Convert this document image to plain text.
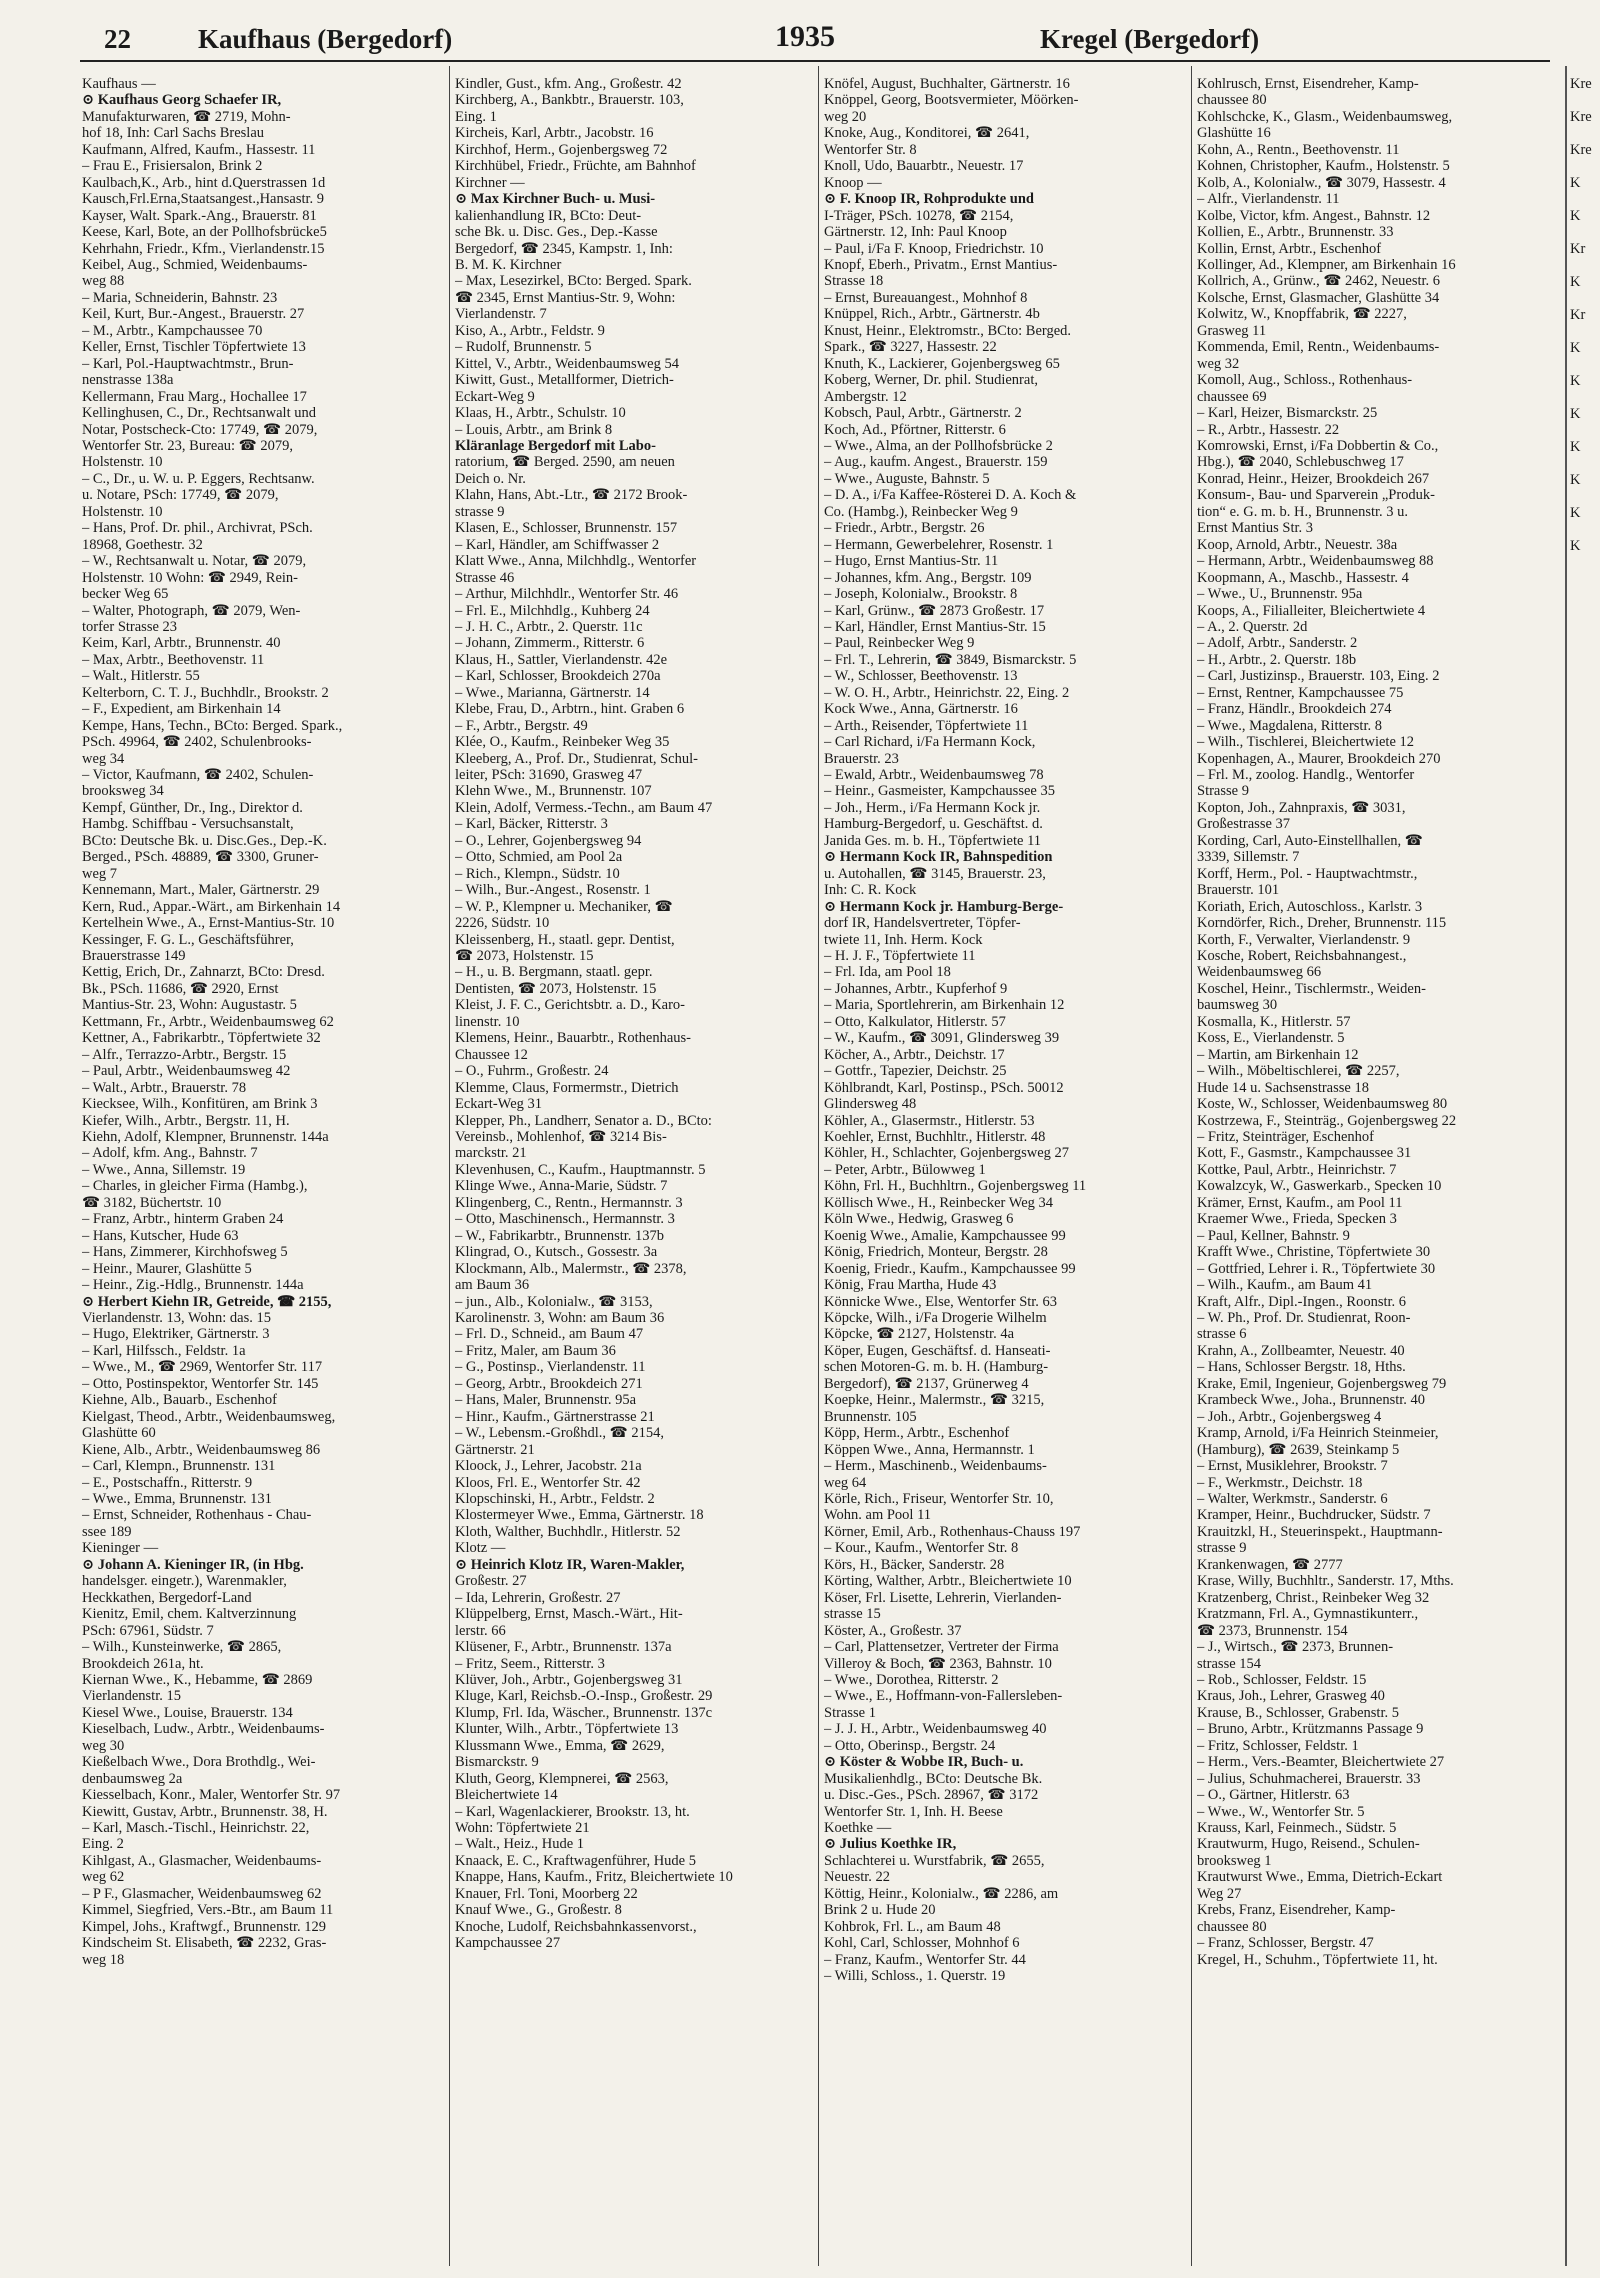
22 Kaufhaus (Bergedorf)	1935	Kregel (Bergedorf)
Kaufhaus —
⊙ Kaufhaus Georg Schaefer IR,
Manufakturwaren, ☎ 2719, Mohn-
hof 18, Inh: Carl Sachs Breslau
Kaufmann, Alfred, Kaufm., Hassestr. 11
– Frau E., Frisiersalon, Brink 2
Kaulbach,K., Arb., hint d.Querstrassen 1d
Kausch,Frl.Erna,Staatsangest.,Hansastr. 9
Kayser, Walt. Spark.-Ang., Brauerstr. 81
Keese, Karl, Bote, an der Pollhofsbrücke5
Kehrhahn, Friedr., Kfm., Vierlandenstr.15
Keibel, Aug., Schmied, Weidenbaums-
weg 88
– Maria, Schneiderin, Bahnstr. 23
Keil, Kurt, Bur.-Angest., Brauerstr. 27
– M., Arbtr., Kampchaussee 70
Keller, Ernst, Tischler Töpfertwiete 13
– Karl, Pol.-Hauptwachtmstr., Brun-
nenstrasse 138a
Kellermann, Frau Marg., Hochallee 17
Kellinghusen, C., Dr., Rechtsanwalt und
Notar, Postscheck-Cto: 17749, ☎ 2079,
Wentorfer Str. 23, Bureau: ☎ 2079,
Holstenstr. 10
– C., Dr., u. W. u. P. Eggers, Rechtsanw.
u. Notare, PSch: 17749, ☎ 2079,
Holstenstr. 10
– Hans, Prof. Dr. phil., Archivrat, PSch.
18968, Goethestr. 32
– W., Rechtsanwalt u. Notar, ☎ 2079,
Holstenstr. 10 Wohn: ☎ 2949, Rein-
becker Weg 65
– Walter, Photograph, ☎ 2079, Wen-
torfer Strasse 23
Keim, Karl, Arbtr., Brunnenstr. 40
– Max, Arbtr., Beethovenstr. 11
– Walt., Hitlerstr. 55
Kelterborn, C. T. J., Buchhdlr., Brookstr. 2
– F., Expedient, am Birkenhain 14
Kempe, Hans, Techn., BCto: Berged. Spark.,
PSch. 49964, ☎ 2402, Schulenbrooks-
weg 34
– Victor, Kaufmann, ☎ 2402, Schulen-
brooksweg 34
Kempf, Günther, Dr., Ing., Direktor d.
Hambg. Schiffbau - Versuchsanstalt,
BCto: Deutsche Bk. u. Disc.Ges., Dep.-K.
Berged., PSch. 48889, ☎ 3300, Gruner-
weg 7
Kennemann, Mart., Maler, Gärtnerstr. 29
Kern, Rud., Appar.-Wärt., am Birkenhain 14
Kertelhein Wwe., A., Ernst-Mantius-Str. 10
Kessinger, F. G. L., Geschäftsführer,
Brauerstrasse 149
Kettig, Erich, Dr., Zahnarzt, BCto: Dresd.
Bk., PSch. 11686, ☎ 2920, Ernst
Mantius-Str. 23, Wohn: Augustastr. 5
Kettmann, Fr., Arbtr., Weidenbaumsweg 62
Kettner, A., Fabrikarbtr., Töpfertwiete 32
– Alfr., Terrazzo-Arbtr., Bergstr. 15
– Paul, Arbtr., Weidenbaumsweg 42
– Walt., Arbtr., Brauerstr. 78
Kiecksee, Wilh., Konfitüren, am Brink 3
Kiefer, Wilh., Arbtr., Bergstr. 11, H.
Kiehn, Adolf, Klempner, Brunnenstr. 144a
– Adolf, kfm. Ang., Bahnstr. 7
– Wwe., Anna, Sillemstr. 19
– Charles, in gleicher Firma (Hambg.),
☎ 3182, Büchertstr. 10
– Franz, Arbtr., hinterm Graben 24
– Hans, Kutscher, Hude 63
– Hans, Zimmerer, Kirchhofsweg 5
– Heinr., Maurer, Glashütte 5
– Heinr., Zig.-Hdlg., Brunnenstr. 144a
⊙ Herbert Kiehn IR, Getreide, ☎ 2155,
Vierlandenstr. 13, Wohn: das. 15
– Hugo, Elektriker, Gärtnerstr. 3
– Karl, Hilfssch., Feldstr. 1a
– Wwe., M., ☎ 2969, Wentorfer Str. 117
– Otto, Postinspektor, Wentorfer Str. 145
Kiehne, Alb., Bauarb., Eschenhof
Kielgast, Theod., Arbtr., Weidenbaumsweg,
Glashütte 60
Kiene, Alb., Arbtr., Weidenbaumsweg 86
– Carl, Klempn., Brunnenstr. 131
– E., Postschaffn., Ritterstr. 9
– Wwe., Emma, Brunnenstr. 131
– Ernst, Schneider, Rothenhaus - Chau-
ssee 189
Kieninger —
⊙ Johann A. Kieninger IR, (in Hbg.
handelsger. eingetr.), Warenmakler,
Heckkathen, Bergedorf-Land
Kienitz, Emil, chem. Kaltverzinnung
PSch: 67961, Südstr. 7
– Wilh., Kunsteinwerke, ☎ 2865,
Brookdeich 261a, ht.
Kiernan Wwe., K., Hebamme, ☎ 2869
Vierlandenstr. 15
Kiesel Wwe., Louise, Brauerstr. 134
Kieselbach, Ludw., Arbtr., Weidenbaums-
weg 30
Kießelbach Wwe., Dora Brothdlg., Wei-
denbaumsweg 2a
Kiesselbach, Konr., Maler, Wentorfer Str. 97
Kiewitt, Gustav, Arbtr., Brunnenstr. 38, H.
– Karl, Masch.-Tischl., Heinrichstr. 22,
Eing. 2
Kihlgast, A., Glasmacher, Weidenbaums-
weg 62
– P F., Glasmacher, Weidenbaumsweg 62
Kimmel, Siegfried, Vers.-Btr., am Baum 11
Kimpel, Johs., Kraftwgf., Brunnenstr. 129
Kindscheim St. Elisabeth, ☎ 2232, Gras-
weg 18
Kindler, Gust., kfm. Ang., Großestr. 42
Kirchberg, A., Bankbtr., Brauerstr. 103,
Eing. 1
Kircheis, Karl, Arbtr., Jacobstr. 16
Kirchhof, Herm., Gojenbergsweg 72
Kirchhübel, Friedr., Früchte, am Bahnhof
Kirchner —
⊙ Max Kirchner Buch- u. Musi-
kalienhandlung IR, BCto: Deut-
sche Bk. u. Disc. Ges., Dep.-Kasse
Bergedorf, ☎ 2345, Kampstr. 1, Inh:
B. M. K. Kirchner
– Max, Lesezirkel, BCto: Berged. Spark.
☎ 2345, Ernst Mantius-Str. 9, Wohn:
Vierlandenstr. 7
Kiso, A., Arbtr., Feldstr. 9
– Rudolf, Brunnenstr. 5
Kittel, V., Arbtr., Weidenbaumsweg 54
Kiwitt, Gust., Metallformer, Dietrich-
Eckart-Weg 9
Klaas, H., Arbtr., Schulstr. 10
– Louis, Arbtr., am Brink 8
Kläranlage Bergedorf mit Labo-
ratorium, ☎ Berged. 2590, am neuen
Deich o. Nr.
Klahn, Hans, Abt.-Ltr., ☎ 2172 Brook-
strasse 9
Klasen, E., Schlosser, Brunnenstr. 157
– Karl, Händler, am Schiffwasser 2
Klatt Wwe., Anna, Milchhdlg., Wentorfer
Strasse 46
– Arthur, Milchhdlr., Wentorfer Str. 46
– Frl. E., Milchhdlg., Kuhberg 24
– J. H. C., Arbtr., 2. Querstr. 11c
– Johann, Zimmerm., Ritterstr. 6
Klaus, H., Sattler, Vierlandenstr. 42e
– Karl, Schlosser, Brookdeich 270a
– Wwe., Marianna, Gärtnerstr. 14
Klebe, Frau, D., Arbtrn., hint. Graben 6
– F., Arbtr., Bergstr. 49
Klée, O., Kaufm., Reinbeker Weg 35
Kleeberg, A., Prof. Dr., Studienrat, Schul-
leiter, PSch: 31690, Grasweg 47
Klehn Wwe., M., Brunnenstr. 107
Klein, Adolf, Vermess.-Techn., am Baum 47
– Karl, Bäcker, Ritterstr. 3
– O., Lehrer, Gojenbergsweg 94
– Otto, Schmied, am Pool 2a
– Rich., Klempn., Südstr. 10
– Wilh., Bur.-Angest., Rosenstr. 1
– W. P., Klempner u. Mechaniker, ☎
2226, Südstr. 10
Kleissenberg, H., staatl. gepr. Dentist,
☎ 2073, Holstenstr. 15
– H., u. B. Bergmann, staatl. gepr.
Dentisten, ☎ 2073, Holstenstr. 15
Kleist, J. F. C., Gerichtsbtr. a. D., Karo-
linenstr. 10
Klemens, Heinr., Bauarbtr., Rothenhaus-
Chaussee 12
– O., Fuhrm., Großestr. 24
Klemme, Claus, Formermstr., Dietrich
Eckart-Weg 31
Klepper, Ph., Landherr, Senator a. D., BCto:
Vereinsb., Mohlenhof, ☎ 3214 Bis-
marckstr. 21
Klevenhusen, C., Kaufm., Hauptmannstr. 5
Klinge Wwe., Anna-Marie, Südstr. 7
Klingenberg, C., Rentn., Hermannstr. 3
– Otto, Maschinensch., Hermannstr. 3
– W., Fabrikarbtr., Brunnenstr. 137b
Klingrad, O., Kutsch., Gossestr. 3a
Klockmann, Alb., Malermstr., ☎ 2378,
am Baum 36
– jun., Alb., Kolonialw., ☎ 3153,
Karolinenstr. 3, Wohn: am Baum 36
– Frl. D., Schneid., am Baum 47
– Fritz, Maler, am Baum 36
– G., Postinsp., Vierlandenstr. 11
– Georg, Arbtr., Brookdeich 271
– Hans, Maler, Brunnenstr. 95a
– Hinr., Kaufm., Gärtnerstrasse 21
– W., Lebensm.-Großhdl., ☎ 2154,
Gärtnerstr. 21
Kloock, J., Lehrer, Jacobstr. 21a
Kloos, Frl. E., Wentorfer Str. 42
Klopschinski, H., Arbtr., Feldstr. 2
Klostermeyer Wwe., Emma, Gärtnerstr. 18
Kloth, Walther, Buchhdlr., Hitlerstr. 52
Klotz —
⊙ Heinrich Klotz IR, Waren-Makler,
Großestr. 27
– Ida, Lehrerin, Großestr. 27
Klüppelberg, Ernst, Masch.-Wärt., Hit-
lerstr. 66
Klüsener, F., Arbtr., Brunnenstr. 137a
– Fritz, Seem., Ritterstr. 3
Klüver, Joh., Arbtr., Gojenbergsweg 31
Kluge, Karl, Reichsb.-O.-Insp., Großestr. 29
Klump, Frl. Ida, Wäscher., Brunnenstr. 137c
Klunter, Wilh., Arbtr., Töpfertwiete 13
Klussmann Wwe., Emma, ☎ 2629,
Bismarckstr. 9
Kluth, Georg, Klempnerei, ☎ 2563,
Bleichertwiete 14
– Karl, Wagenlackierer, Brookstr. 13, ht.
Wohn: Töpfertwiete 21
– Walt., Heiz., Hude 1
Knaack, E. C., Kraftwagenführer, Hude 5
Knappe, Hans, Kaufm., Fritz, Bleichertwiete 10
Knauer, Frl. Toni, Moorberg 22
Knauf Wwe., G., Großestr. 8
Knoche, Ludolf, Reichsbahnkassenvorst.,
Kampchaussee 27
Knöfel, August, Buchhalter, Gärtnerstr. 16
Knöppel, Georg, Bootsvermieter, Möörken-
weg 20
Knoke, Aug., Konditorei, ☎ 2641,
Wentorfer Str. 8
Knoll, Udo, Bauarbtr., Neuestr. 17
Knoop —
⊙ F. Knoop IR, Rohprodukte und
I-Träger, PSch. 10278, ☎ 2154,
Gärtnerstr. 12, Inh: Paul Knoop
– Paul, i/Fa F. Knoop, Friedrichstr. 10
Knopf, Eberh., Privatm., Ernst Mantius-
Strasse 18
– Ernst, Bureauangest., Mohnhof 8
Knüppel, Rich., Arbtr., Gärtnerstr. 4b
Knust, Heinr., Elektromstr., BCto: Berged.
Spark., ☎ 3227, Hassestr. 22
Knuth, K., Lackierer, Gojenbergsweg 65
Koberg, Werner, Dr. phil. Studienrat,
Ambergstr. 12
Kobsch, Paul, Arbtr., Gärtnerstr. 2
Koch, Ad., Pförtner, Ritterstr. 6
– Wwe., Alma, an der Pollhofsbrücke 2
– Aug., kaufm. Angest., Brauerstr. 159
– Wwe., Auguste, Bahnstr. 5
– D. A., i/Fa Kaffee-Rösterei D. A. Koch &
Co. (Hambg.), Reinbecker Weg 9
– Friedr., Arbtr., Bergstr. 26
– Hermann, Gewerbelehrer, Rosenstr. 1
– Hugo, Ernst Mantius-Str. 11
– Johannes, kfm. Ang., Bergstr. 109
– Joseph, Kolonialw., Brookstr. 8
– Karl, Grünw., ☎ 2873 Großestr. 17
– Karl, Händler, Ernst Mantius-Str. 15
– Paul, Reinbecker Weg 9
– Frl. T., Lehrerin, ☎ 3849, Bismarckstr. 5
– W., Schlosser, Beethovenstr. 13
– W. O. H., Arbtr., Heinrichstr. 22, Eing. 2
Kock Wwe., Anna, Gärtnerstr. 16
– Arth., Reisender, Töpfertwiete 11
– Carl Richard, i/Fa Hermann Kock,
Brauerstr. 23
– Ewald, Arbtr., Weidenbaumsweg 78
– Heinr., Gasmeister, Kampchaussee 35
– Joh., Herm., i/Fa Hermann Kock jr.
Hamburg-Bergedorf, u. Geschäftst. d.
Janida Ges. m. b. H., Töpfertwiete 11
⊙ Hermann Kock IR, Bahnspedition
u. Autohallen, ☎ 3145, Brauerstr. 23,
Inh: C. R. Kock
⊙ Hermann Kock jr. Hamburg-Berge-
dorf IR, Handelsvertreter, Töpfer-
twiete 11, Inh. Herm. Kock
– H. J. F., Töpfertwiete 11
– Frl. Ida, am Pool 18
– Johannes, Arbtr., Kupferhof 9
– Maria, Sportlehrerin, am Birkenhain 12
– Otto, Kalkulator, Hitlerstr. 57
– W., Kaufm., ☎ 3091, Glindersweg 39
Köcher, A., Arbtr., Deichstr. 17
– Gottfr., Tapezier, Deichstr. 25
Köhlbrandt, Karl, Postinsp., PSch. 50012
Glindersweg 48
Köhler, A., Glasermstr., Hitlerstr. 53
Koehler, Ernst, Buchhltr., Hitlerstr. 48
Köhler, H., Schlachter, Gojenbergsweg 27
– Peter, Arbtr., Bülowweg 1
Köhn, Frl. H., Buchhltrn., Gojenbergsweg 11
Köllisch Wwe., H., Reinbecker Weg 34
Köln Wwe., Hedwig, Grasweg 6
Koenig Wwe., Amalie, Kampchaussee 99
König, Friedrich, Monteur, Bergstr. 28
Koenig, Friedr., Kaufm., Kampchaussee 99
König, Frau Martha, Hude 43
Könnicke Wwe., Else, Wentorfer Str. 63
Köpcke, Wilh., i/Fa Drogerie Wilhelm
Köpcke, ☎ 2127, Holstenstr. 4a
Köper, Eugen, Geschäftsf. d. Hanseati-
schen Motoren-G. m. b. H. (Hamburg-
Bergedorf), ☎ 2137, Grünerweg 4
Koepke, Heinr., Malermstr., ☎ 3215,
Brunnenstr. 105
Köpp, Herm., Arbtr., Eschenhof
Köppen Wwe., Anna, Hermannstr. 1
– Herm., Maschinenb., Weidenbaums-
weg 64
Körle, Rich., Friseur, Wentorfer Str. 10,
Wohn. am Pool 11
Körner, Emil, Arb., Rothenhaus-Chauss 197
– Kour., Kaufm., Wentorfer Str. 8
Körs, H., Bäcker, Sanderstr. 28
Körting, Walther, Arbtr., Bleichertwiete 10
Köser, Frl. Lisette, Lehrerin, Vierlanden-
strasse 15
Köster, A., Großestr. 37
– Carl, Plattensetzer, Vertreter der Firma
Villeroy & Boch, ☎ 2363, Bahnstr. 10
– Wwe., Dorothea, Ritterstr. 2
– Wwe., E., Hoffmann-von-Fallersleben-
Strasse 1
– J. J. H., Arbtr., Weidenbaumsweg 40
– Otto, Oberinsp., Bergstr. 24
⊙ Köster & Wobbe IR, Buch- u.
Musikalienhdlg., BCto: Deutsche Bk.
u. Disc.-Ges., PSch. 28967, ☎ 3172
Wentorfer Str. 1, Inh. H. Beese
Koethke —
⊙ Julius Koethke IR,
Schlachterei u. Wurstfabrik, ☎ 2655,
Neuestr. 22
Köttig, Heinr., Kolonialw., ☎ 2286, am
Brink 2 u. Hude 20
Kohbrok, Frl. L., am Baum 48
Kohl, Carl, Schlosser, Mohnhof 6
– Franz, Kaufm., Wentorfer Str. 44
– Willi, Schloss., 1. Querstr. 19
Kohlrusch, Ernst, Eisendreher, Kamp-
chaussee 80
Kohlschcke, K., Glasm., Weidenbaumsweg,
Glashütte 16
Kohn, A., Rentn., Beethovenstr. 11
Kohnen, Christopher, Kaufm., Holstenstr. 5
Kolb, A., Kolonialw., ☎ 3079, Hassestr. 4
– Alfr., Vierlandenstr. 11
Kolbe, Victor, kfm. Angest., Bahnstr. 12
Kollien, E., Arbtr., Brunnenstr. 33
Kollin, Ernst, Arbtr., Eschenhof
Kollinger, Ad., Klempner, am Birkenhain 16
Kollrich, A., Grünw., ☎ 2462, Neuestr. 6
Kolsche, Ernst, Glasmacher, Glashütte 34
Kolwitz, W., Knopffabrik, ☎ 2227,
Grasweg 11
Kommenda, Emil, Rentn., Weidenbaums-
weg 32
Komoll, Aug., Schloss., Rothenhaus-
chaussee 69
– Karl, Heizer, Bismarckstr. 25
– R., Arbtr., Hassestr. 22
Komrowski, Ernst, i/Fa Dobbertin & Co.,
Hbg.), ☎ 2040, Schlebuschweg 17
Konrad, Heinr., Heizer, Brookdeich 267
Konsum-, Bau- und Sparverein „Produk-
tion“ e. G. m. b. H., Brunnenstr. 3 u.
Ernst Mantius Str. 3
Koop, Arnold, Arbtr., Neuestr. 38a
– Hermann, Arbtr., Weidenbaumsweg 88
Koopmann, A., Maschb., Hassestr. 4
– Wwe., U., Brunnenstr. 95a
Koops, A., Filialleiter, Bleichertwiete 4
– A., 2. Querstr. 2d
– Adolf, Arbtr., Sanderstr. 2
– H., Arbtr., 2. Querstr. 18b
– Carl, Justizinsp., Brauerstr. 103, Eing. 2
– Ernst, Rentner, Kampchaussee 75
– Franz, Händlr., Brookdeich 274
– Wwe., Magdalena, Ritterstr. 8
– Wilh., Tischlerei, Bleichertwiete 12
Kopenhagen, A., Maurer, Brookdeich 270
– Frl. M., zoolog. Handlg., Wentorfer
Strasse 9
Kopton, Joh., Zahnpraxis, ☎ 3031,
Großestrasse 37
Kording, Carl, Auto-Einstellhallen, ☎
3339, Sillemstr. 7
Korff, Herm., Pol. - Hauptwachtmstr.,
Brauerstr. 101
Koriath, Erich, Autoschloss., Karlstr. 3
Korndörfer, Rich., Dreher, Brunnenstr. 115
Korth, F., Verwalter, Vierlandenstr. 9
Kosche, Robert, Reichsbahnangest.,
Weidenbaumsweg 66
Koschel, Heinr., Tischlermstr., Weiden-
baumsweg 30
Kosmalla, K., Hitlerstr. 57
Koss, E., Vierlandenstr. 5
– Martin, am Birkenhain 12
– Wilh., Möbeltischlerei, ☎ 2257,
Hude 14 u. Sachsenstrasse 18
Koste, W., Schlosser, Weidenbaumsweg 80
Kostrzewa, F., Steinträg., Gojenbergsweg 22
– Fritz, Steinträger, Eschenhof
Kott, F., Gasmstr., Kampchaussee 31
Kottke, Paul, Arbtr., Heinrichstr. 7
Kowalzcyk, W., Gaswerkarb., Specken 10
Krämer, Ernst, Kaufm., am Pool 11
Kraemer Wwe., Frieda, Specken 3
– Paul, Kellner, Bahnstr. 9
Krafft Wwe., Christine, Töpfertwiete 30
– Gottfried, Lehrer i. R., Töpfertwiete 30
– Wilh., Kaufm., am Baum 41
Kraft, Alfr., Dipl.-Ingen., Roonstr. 6
– W. Ph., Prof. Dr. Studienrat, Roon-
strasse 6
Krahn, A., Zollbeamter, Neuestr. 40
– Hans, Schlosser Bergstr. 18, Hths.
Krake, Emil, Ingenieur, Gojenbergsweg 79
Krambeck Wwe., Joha., Brunnenstr. 40
– Joh., Arbtr., Gojenbergsweg 4
Kramp, Arnold, i/Fa Heinrich Steinmeier,
(Hamburg), ☎ 2639, Steinkamp 5
– Ernst, Musiklehrer, Brookstr. 7
– F., Werkmstr., Deichstr. 18
– Walter, Werkmstr., Sanderstr. 6
Kramper, Heinr., Buchdrucker, Südstr. 7
Krauitzkl, H., Steuerinspekt., Hauptmann-
strasse 9
Krankenwagen, ☎ 2777
Krase, Willy, Buchhltr., Sanderstr. 17, Mths.
Kratzenberg, Christ., Reinbeker Weg 32
Kratzmann, Frl. A., Gymnastikunterr.,
☎ 2373, Brunnenstr. 154
– J., Wirtsch., ☎ 2373, Brunnen-
strasse 154
– Rob., Schlosser, Feldstr. 15
Kraus, Joh., Lehrer, Grasweg 40
Krause, B., Schlosser, Grabenstr. 5
– Bruno, Arbtr., Krützmanns Passage 9
– Fritz, Schlosser, Feldstr. 1
– Herm., Vers.-Beamter, Bleichertwiete 27
– Julius, Schuhmacherei, Brauerstr. 33
– O., Gärtner, Hitlerstr. 63
– Wwe., W., Wentorfer Str. 5
Krauss, Karl, Feinmech., Südstr. 5
Krautwurm, Hugo, Reisend., Schulen-
brooksweg 1
Krautwurst Wwe., Emma, Dietrich-Eckart
Weg 27
Krebs, Franz, Eisendreher, Kamp-
chaussee 80
– Franz, Schlosser, Bergstr. 47
Kregel, H., Schuhm., Töpfertwiete 11, ht.
Kre
Kre
Kre
K
K
Kr
K
Kr
K
K
K
K
K
K
K
